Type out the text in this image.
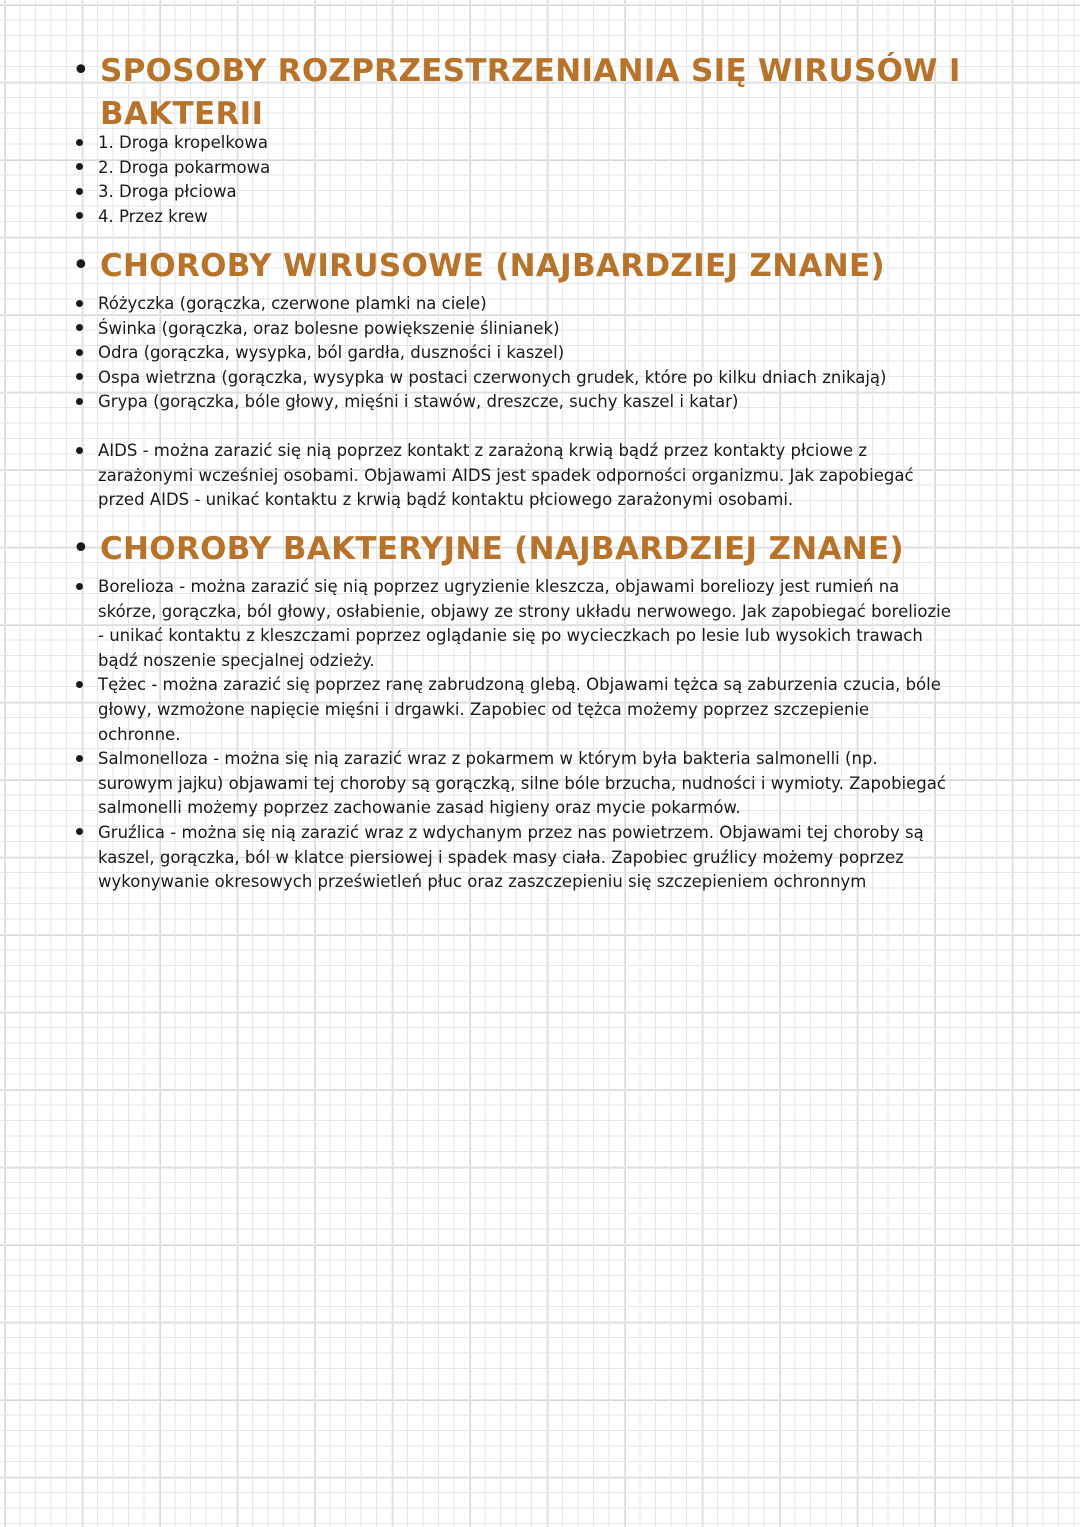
• SPOSOBY ROZPRZESTRZENIANIA SIĘ WIRUSÓW I
BAKTERII
1. Droga kropelkowa
2. Droga pokarmowa
3. Droga płciowa
4. Przez krew
• CHOROBY WIRUSOWE (NAJBARDZIEJ ZNANE)
Różyczka (gorączka, czerwone plamki na ciele)
Świnka (gorączka, oraz bolesne powiększenie ślinianek)
Odra (gorączka, wysypka, ból gardła, duszności i kaszel)
Ospa wietrzna (gorączka, wysypka w postaci czerwonych grudek, które po kilku dniach znikają)
Grypa (gorączka, bóle głowy, mięśni i stawów, dreszcze, suchy kaszel i katar)
AIDS - można zarazić się nią poprzez kontakt z zarażoną krwią bądź przez kontakty płciowe z zarażonymi wcześniej osobami. Objawami AIDS jest spadek odporności organizmu. Jak zapobiegać przed AIDS - unikać kontaktu z krwią bądź kontaktu płciowego zarażonymi osobami.
• CHOROBY BAKTERYJNE (NAJBARDZIEJ ZNANE)
Borelioza - można zarazić się nią poprzez ugryzienie kleszcza, objawami boreliozy jest rumień na skórze, gorączka, ból głowy, osłabienie, objawy ze strony układu nerwowego. Jak zapobiegać boreliozie - unikać kontaktu z kleszczami poprzez oglądanie się po wycieczkach po lesie lub wysokich trawach bądź noszenie specjalnej odzieży.
Tężec - można zarazić się poprzez ranę zabrudzoną glebą. Objawami tężca są zaburzenia czucia, bóle głowy, wzmożone napięcie mięśni i drgawki. Zapobiec od tężca możemy poprzez szczepienie ochronne.
Salmonelloza - można się nią zarazić wraz z pokarmem w którym była bakteria salmonelli (np. surowym jajku) objawami tej choroby są gorączką, silne bóle brzucha, nudności i wymioty. Zapobiegać salmonelli możemy poprzez zachowanie zasad higieny oraz mycie pokarmów.
Gruźlica - można się nią zarazić wraz z wdychanym przez nas powietrzem. Objawami tej choroby są kaszel, gorączka, ból w klatce piersiowej i spadek masy ciała. Zapobiec gruźlicy możemy poprzez wykonywanie okresowych prześwietleń płuc oraz zaszczepieniu się szczepieniem ochronnym
